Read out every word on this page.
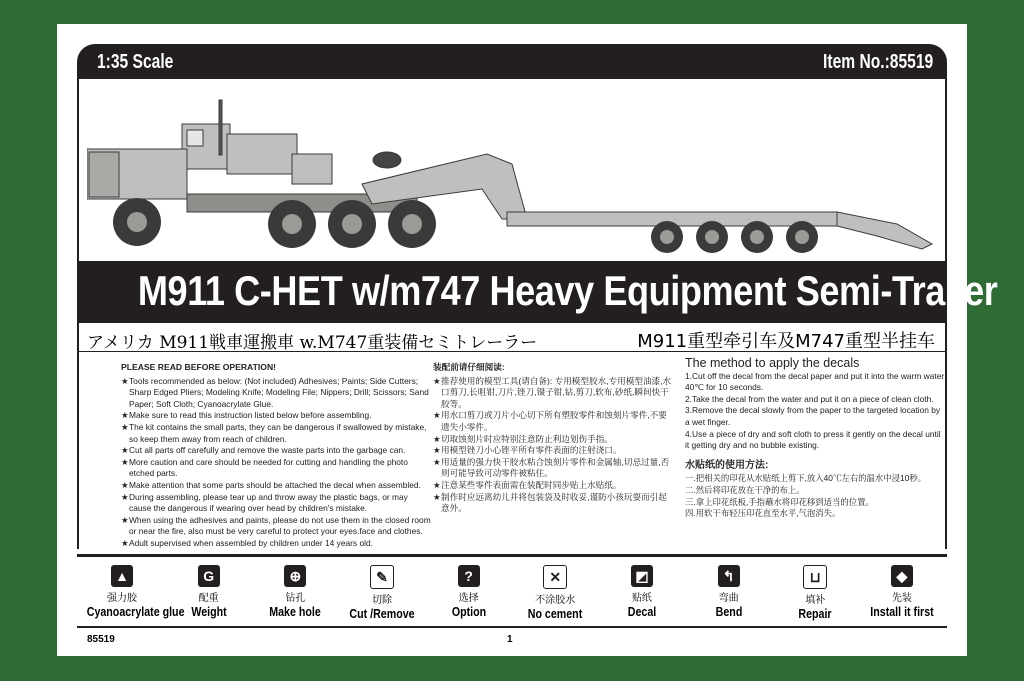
1:35 Scale	Item No.:85519
M911 C-HET w/m747 Heavy Equipment Semi-Trailer
アメリカ M911戦車運搬車 w.M747重装備セミトレーラー	M911重型牵引车及M747重型半挂车
PLEASE READ BEFORE OPERATION!

★ Tools recommended as below: (Not included) Adhesives; Paints; Side Cutters; Sharp Edged Pliers; Modeling Knife; Modeling File; Nippers; Drill; Scissors; Sand Paper; Soft Cloth; Cyanoacrylate Glue.

★ Make sure to read this instruction listed below before assembling.

★ The kit contains the small parts, they can be dangerous if swallowed by mistake, so keep them away from reach of children.

★ Cut all parts off carefully and remove the waste parts into the garbage can.

★ More caution and care should be needed for cutting and handling the photo etched parts.

★ Make attention that some parts should be attached the decal when assembled.

★ During assembling, please tear up and throw away the plastic bags, or may cause the dangerous if wearing over head by children's mistake.

★ When using the adhesives and paints, please do not use them in the closed room or near the fire, also must be very careful to protect your eyes.face and clothes.

★ Adult supervised when assembled by children under 14 years old.

装配前请仔细阅读:

★ 推荐使用的模型工具(请自备): 专用模型胶水,专用模型油漆,水口剪刀,长咀钳,刀片,锉刀,镊子钳,钻,剪刀,软布,砂纸,瞬间快干胶等。

★ 用水口剪刀或刀片小心切下所有塑胶零件和蚀刻片零件,不要遗失小零件。

★ 切取蚀刻片时应特别注意防止利边划伤手指。

★ 用模型锉刀小心锉平所有零件表面的注射浇口。

★ 用适量的强力快干胶水粘合蚀刻片零件和金属轴,切忌过量,否则可能导致可动零件被粘住。

★ 注意某些零件表面需在装配时同步贴上水贴纸。

★ 制作时应远离幼儿并将包装袋及时收妥,谨防小孩玩耍而引起意外。

The method to apply the decals

1.Cut off the decal from the decal paper and put it into the warm water 40℃ for 10 seconds.

2.Take the decal from the water and put it on a piece of clean cloth.

3.Remove the decal slowly from the paper to the targeted location by a wet finger.

4.Use a piece of dry and soft cloth to press it gently on the decal until it getting dry and no bubble existing.

水贴纸的使用方法:

一.把相关的印花从水贴纸上剪下,放入40℃左右的温水中浸10秒。

二.然后将印花放在干净的布上。

三.拿上印花纸板,手指蘸水将印花移到适当的位置。

四.用软干布轻压印花直至水平,气泡消失。

▲
强力胶
Cyanoacrylate glue
G
配重
Weight
⊕
钻孔
Make hole
✎
切除
Cut /Remove
?
选择
Option
✕
不涂胶水
No cement
◩
贴纸
Decal
↰
弯曲
Bend
⊔
填补
Repair
◆
先装
Install it first
85519	1
